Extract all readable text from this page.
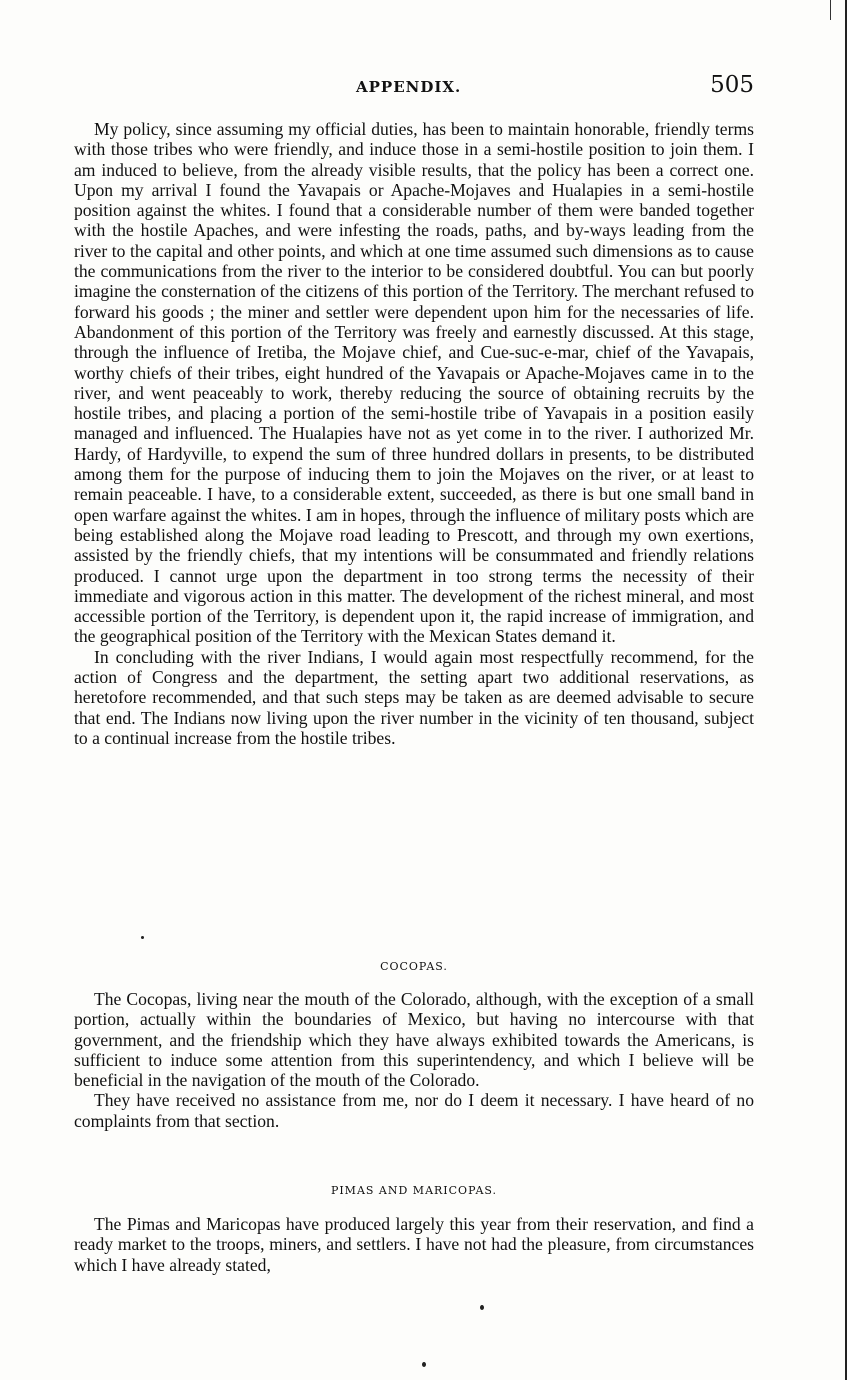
APPENDIX.	505

My policy, since assuming my official duties, has been to maintain honorable, friendly terms with those tribes who were friendly, and induce those in a semi-hostile position to join them. I am induced to believe, from the already visible results, that the policy has been a correct one. Upon my arrival I found the Yavapais or Apache-Mojaves and Hualapies in a semi-hostile position against the whites. I found that a considerable number of them were banded together with the hostile Apaches, and were infesting the roads, paths, and by-ways leading from the river to the capital and other points, and which at one time assumed such dimensions as to cause the communications from the river to the interior to be considered doubtful. You can but poorly imagine the consternation of the citizens of this portion of the Territory. The merchant refused to forward his goods ; the miner and settler were dependent upon him for the necessaries of life. Abandonment of this portion of the Territory was freely and earnestly discussed. At this stage, through the influence of Iretiba, the Mojave chief, and Cue-suc-e-mar, chief of the Yavapais, worthy chiefs of their tribes, eight hundred of the Yavapais or Apache-Mojaves came in to the river, and went peaceably to work, thereby reducing the source of obtaining recruits by the hostile tribes, and placing a portion of the semi-hostile tribe of Yavapais in a position easily managed and influenced. The Hualapies have not as yet come in to the river. I authorized Mr. Hardy, of Hardyville, to expend the sum of three hundred dollars in presents, to be distributed among them for the purpose of inducing them to join the Mojaves on the river, or at least to remain peaceable. I have, to a considerable extent, succeeded, as there is but one small band in open warfare against the whites. I am in hopes, through the influence of military posts which are being established along the Mojave road leading to Prescott, and through my own exertions, assisted by the friendly chiefs, that my intentions will be consummated and friendly relations produced. I cannot urge upon the department in too strong terms the necessity of their immediate and vigorous action in this matter. The development of the richest mineral, and most accessible portion of the Territory, is dependent upon it, the rapid increase of immigration, and the geographical position of the Territory with the Mexican States demand it.

In concluding with the river Indians, I would again most respectfully recommend, for the action of Congress and the department, the setting apart two additional reservations, as heretofore recommended, and that such steps may be taken as are deemed advisable to secure that end. The Indians now living upon the river number in the vicinity of ten thousand, subject to a continual increase from the hostile tribes.

COCOPAS.

The Cocopas, living near the mouth of the Colorado, although, with the exception of a small portion, actually within the boundaries of Mexico, but having no intercourse with that government, and the friendship which they have always exhibited towards the Americans, is sufficient to induce some attention from this superintendency, and which I believe will be beneficial in the navigation of the mouth of the Colorado.

They have received no assistance from me, nor do I deem it necessary. I have heard of no complaints from that section.

PIMAS AND MARICOPAS.

The Pimas and Maricopas have produced largely this year from their reservation, and find a ready market to the troops, miners, and settlers. I have not had the pleasure, from circumstances which I have already stated,
